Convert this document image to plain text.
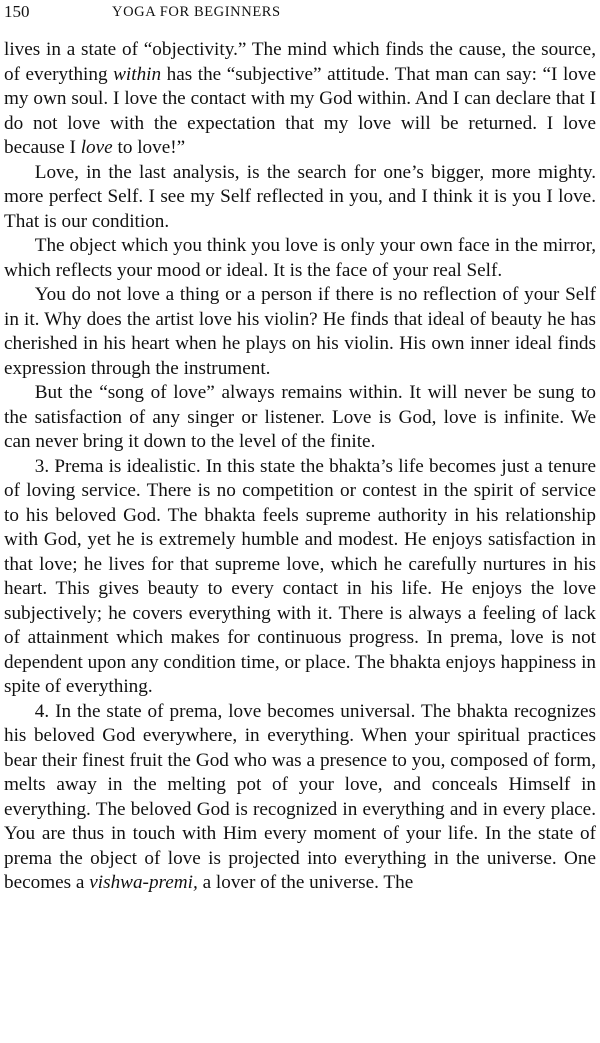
150	YOGA FOR BEGINNERS

lives in a state of “objectivity.” The mind which finds the cause, the source, of everything within has the “subjective” attitude. That man can say: “I love my own soul. I love the contact with my God within. And I can declare that I do not love with the expectation that my love will be returned. I love because I love to love!”

Love, in the last analysis, is the search for one’s bigger, more mighty. more perfect Self. I see my Self reflected in you, and I think it is you I love. That is our condition.

The object which you think you love is only your own face in the mirror, which reflects your mood or ideal. It is the face of your real Self.

You do not love a thing or a person if there is no reflection of your Self in it. Why does the artist love his violin? He finds that ideal of beauty he has cherished in his heart when he plays on his violin. His own inner ideal finds expression through the instrument.

But the “song of love” always remains within. It will never be sung to the satisfaction of any singer or listener. Love is God, love is infinite. We can never bring it down to the level of the finite.

3. Prema is idealistic. In this state the bhakta’s life becomes just a tenure of loving service. There is no competition or contest in the spirit of service to his beloved God. The bhakta feels supreme authority in his relationship with God, yet he is extremely humble and modest. He enjoys satisfaction in that love; he lives for that supreme love, which he carefully nurtures in his heart. This gives beauty to every contact in his life. He enjoys the love subjectively; he covers everything with it. There is always a feeling of lack of attainment which makes for continuous progress. In prema, love is not dependent upon any condition time, or place. The bhakta enjoys happiness in spite of everything.

4. In the state of prema, love becomes universal. The bhakta recognizes his beloved God everywhere, in everything. When your spiritual practices bear their finest fruit the God who was a presence to you, composed of form, melts away in the melting pot of your love, and conceals Himself in everything. The beloved God is recognized in everything and in every place. You are thus in touch with Him every moment of your life. In the state of prema the object of love is projected into everything in the universe. One becomes a vishwa-premi, a lover of the universe. The
